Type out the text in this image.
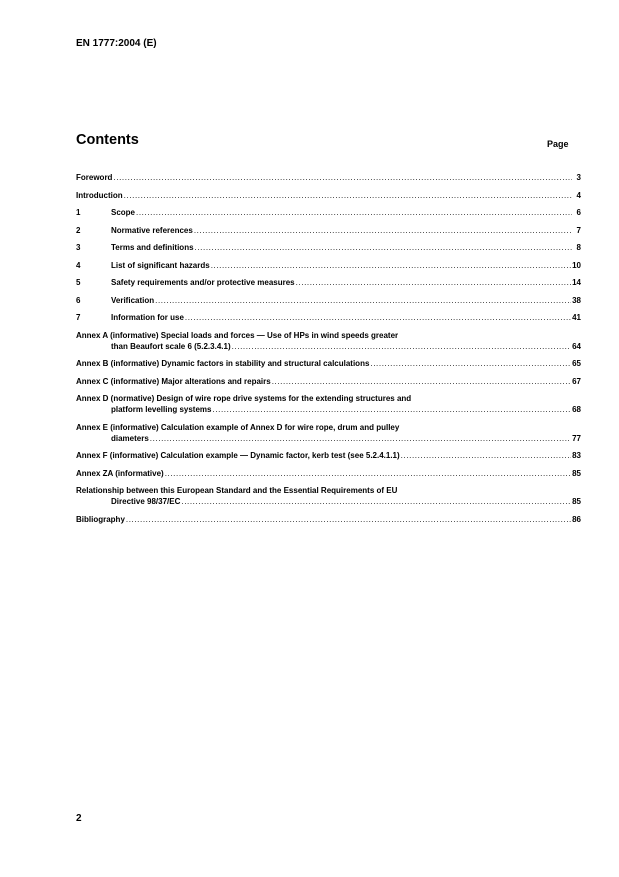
EN 1777:2004 (E)
Contents	Page
Foreword .....	3
Introduction .....	4
1	Scope .....	6
2	Normative references .....	7
3	Terms and definitions .....	8
4	List of significant hazards .....	10
5	Safety requirements and/or protective measures .....	14
6	Verification .....	38
7	Information for use .....	41
Annex A (informative) Special loads and forces — Use of HPs in wind speeds greater
than Beaufort scale 6 (5.2.3.4.1) .....	64
Annex B (informative) Dynamic factors in stability and structural calculations .....	65
Annex C (informative) Major alterations and repairs .....	67
Annex D (normative) Design of wire rope drive systems for the extending structures and
platform levelling systems .....	68
Annex E (informative) Calculation example of Annex D for wire rope, drum and pulley
diameters .....	77
Annex F (informative) Calculation example — Dynamic factor, kerb test (see 5.2.4.1.1) .....	83
Annex ZA (informative) .....	85
Relationship between this European Standard and the Essential Requirements of EU
Directive 98/37/EC .....	85
Bibliography .....	86
2
